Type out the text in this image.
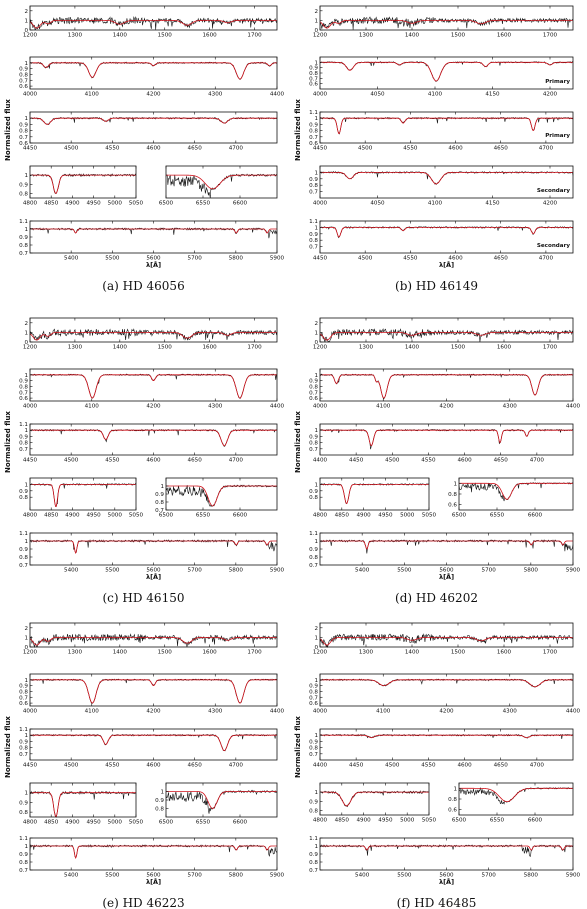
Normalized flux
1200	1300	1400	1500	1600	1700
0
1
2
4000	4100	4200	4300	4400
0.6
0.7
0.8
0.9
1
4450	4500	4550	4600	4650	4700
0.6
0.7
0.8
0.9
1
4800 4850 4900 4950 5000 5050
0.8
0.9
1
6500	6550	6600
5400	5500	5600	5700	5800	5900
0.7
0.8
0.9
1
1.1
λ[Å]
(a) HD 46056
Normalized flux
1200	1300	1400	1500	1600	1700
0
1
2
4000	4050	4100	4150	4200
0.6
0.7
0.8
0.9
1
Primary
4450	4500	4550	4600	4650	4700
0.6
0.7
0.8
0.9
1
1.1
Primary
4000	4050	4100	4150	4200
0.7
0.8
0.9
1
Secondary
4450	4500	4550	4600	4650	4700
0.7
0.8
0.9
1
1.1
Secondary
λ[Å]
(b) HD 46149
Normalized flux
1200	1300	1400	1500	1600	1700
0
1
2
4000	4100	4200	4300	4400
0.6
0.7
0.8
0.9
1
4450	4500	4550	4600	4650	4700
0.7
0.8
0.9
1
1.1
4800 4850 4900 4950 5000 5050
0.8
0.9
1
6500	6550	6600
0.7
0.8
0.9
1
5400	5500	5600	5700	5800	5900
0.7
0.8
0.9
1
1.1
λ[Å]
(c) HD 46150
Normalized flux
1200	1300	1400	1500	1600	1700
0
1
2
4000	4100	4200	4300	4400
0.6
0.7
0.8
0.9
1
4400	4450	4500	4550	4600	4650	4700
0.7
0.8
0.9
1
4800 4850 4900 4950 5000 5050
0.8
0.9
1
6500	6550	6600
0.6
0.8
1
5400	5500	5600	5700	5800	5900
0.7
0.8
0.9
1
1.1
λ[Å]
(d) HD 46202
Normalized flux
1200	1300	1400	1500	1600	1700
0
1
2
4000	4100	4200	4300	4400
0.6
0.7
0.8
0.9
1
4450	4500	4550	4600	4650	4700
0.7
0.8
0.9
1
1.1
4800 4850 4900 4950 5000 5050
0.8
0.9
1
6500	6550	6600
0.8
0.9
1
5400	5500	5600	5700	5800	5900
0.7
0.8
0.9
1
1.1
λ[Å]
(e) HD 46223
Normalized flux
1200	1300	1400	1500	1600	1700
0
1
2
4000	4100	4200	4300	4400
0.6
0.7
0.8
0.9
1
4400	4450	4500	4550	4600	4650	4700
0.7
0.8
0.9
1
4800 4850 4900 4950 5000 5050
0.8
0.9
1
6500	6550	6600
0.6
0.8
1
5400	5500	5600	5700	5800	5900
0.7
0.8
0.9
1
1.1
λ[Å]
(f) HD 46485
